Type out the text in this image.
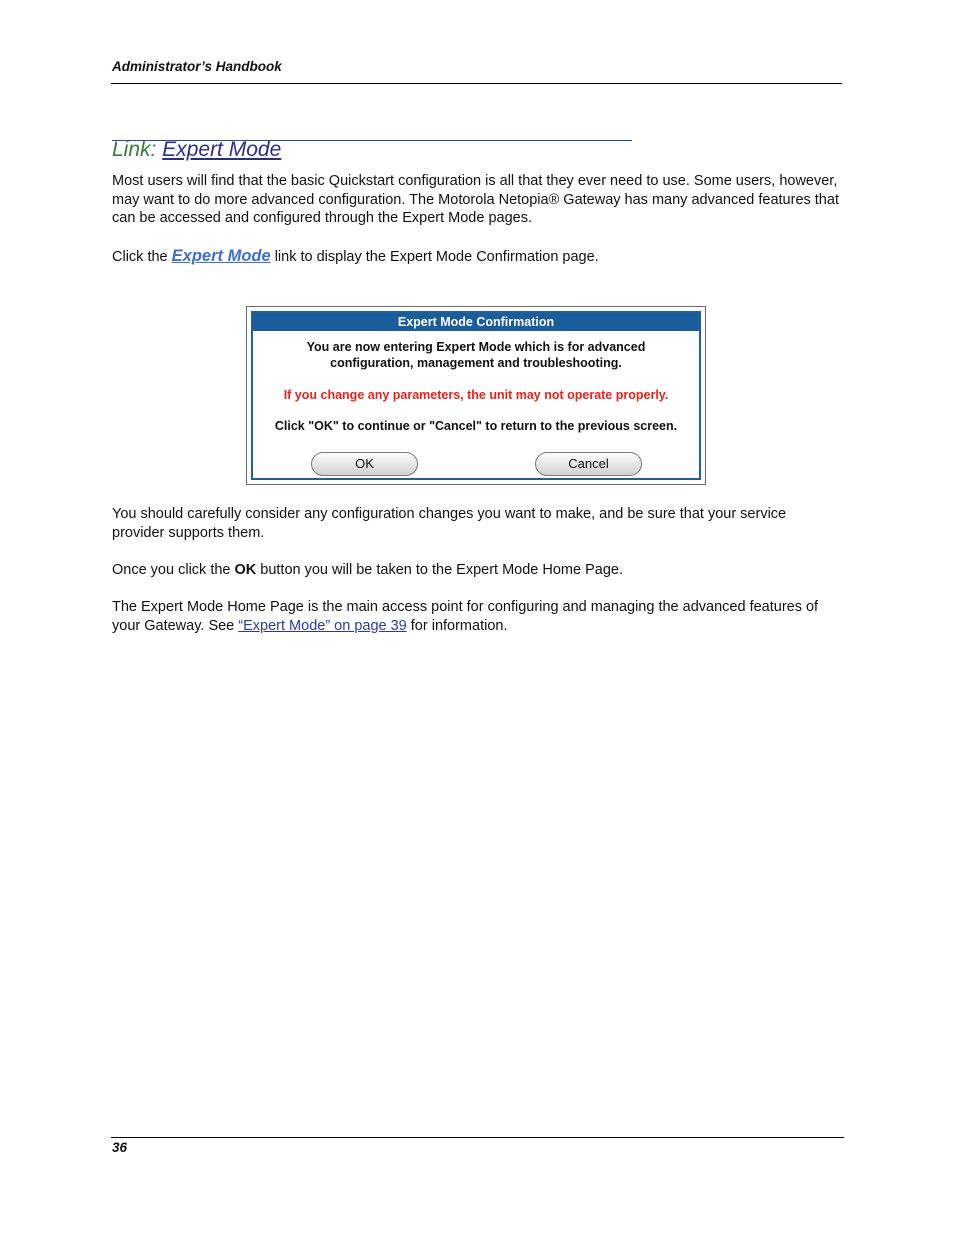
Administrator’s Handbook
Link: Expert Mode
Most users will find that the basic Quickstart configuration is all that they ever need to use. Some users, however, may want to do more advanced configuration. The Motorola Netopia® Gateway has many advanced features that can be accessed and configured through the Expert Mode pages.
Click the Expert Mode link to display the Expert Mode Confirmation page.
Expert Mode Confirmation
You are now entering Expert Mode which is for advanced
configuration, management and troubleshooting.
If you change any parameters, the unit may not operate properly.
Click "OK" to continue or "Cancel" to return to the previous screen.
OK	Cancel
You should carefully consider any configuration changes you want to make, and be sure that your service provider supports them.
Once you click the OK button you will be taken to the Expert Mode Home Page.
The Expert Mode Home Page is the main access point for configuring and managing the advanced features of your Gateway. See “Expert Mode” on page 39 for information.
36
